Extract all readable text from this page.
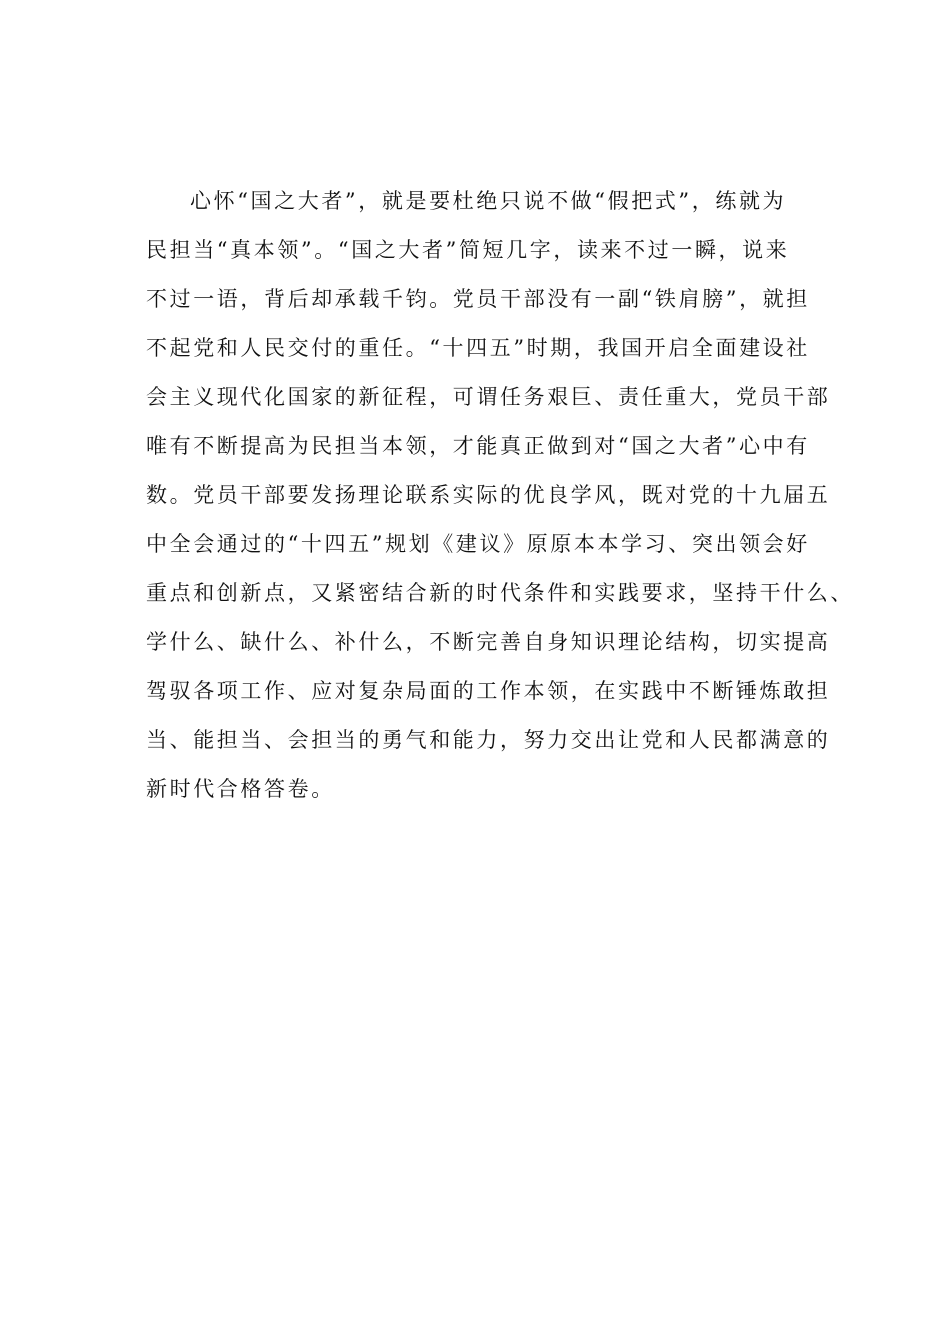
心怀“国之大者”，就是要杜绝只说不做“假把式”，练就为
民担当“真本领”。“国之大者”简短几字，读来不过一瞬，说来
不过一语，背后却承载千钧。党员干部没有一副“铁肩膀”，就担
不起党和人民交付的重任。“十四五”时期，我国开启全面建设社
会主义现代化国家的新征程，可谓任务艰巨、责任重大，党员干部
唯有不断提高为民担当本领，才能真正做到对“国之大者”心中有
数。党员干部要发扬理论联系实际的优良学风，既对党的十九届五
中全会通过的“十四五”规划《建议》原原本本学习、突出领会好
重点和创新点，又紧密结合新的时代条件和实践要求，坚持干什么、
学什么、缺什么、补什么，不断完善自身知识理论结构，切实提高
驾驭各项工作、应对复杂局面的工作本领，在实践中不断锤炼敢担
当、能担当、会担当的勇气和能力，努力交出让党和人民都满意的
新时代合格答卷。
